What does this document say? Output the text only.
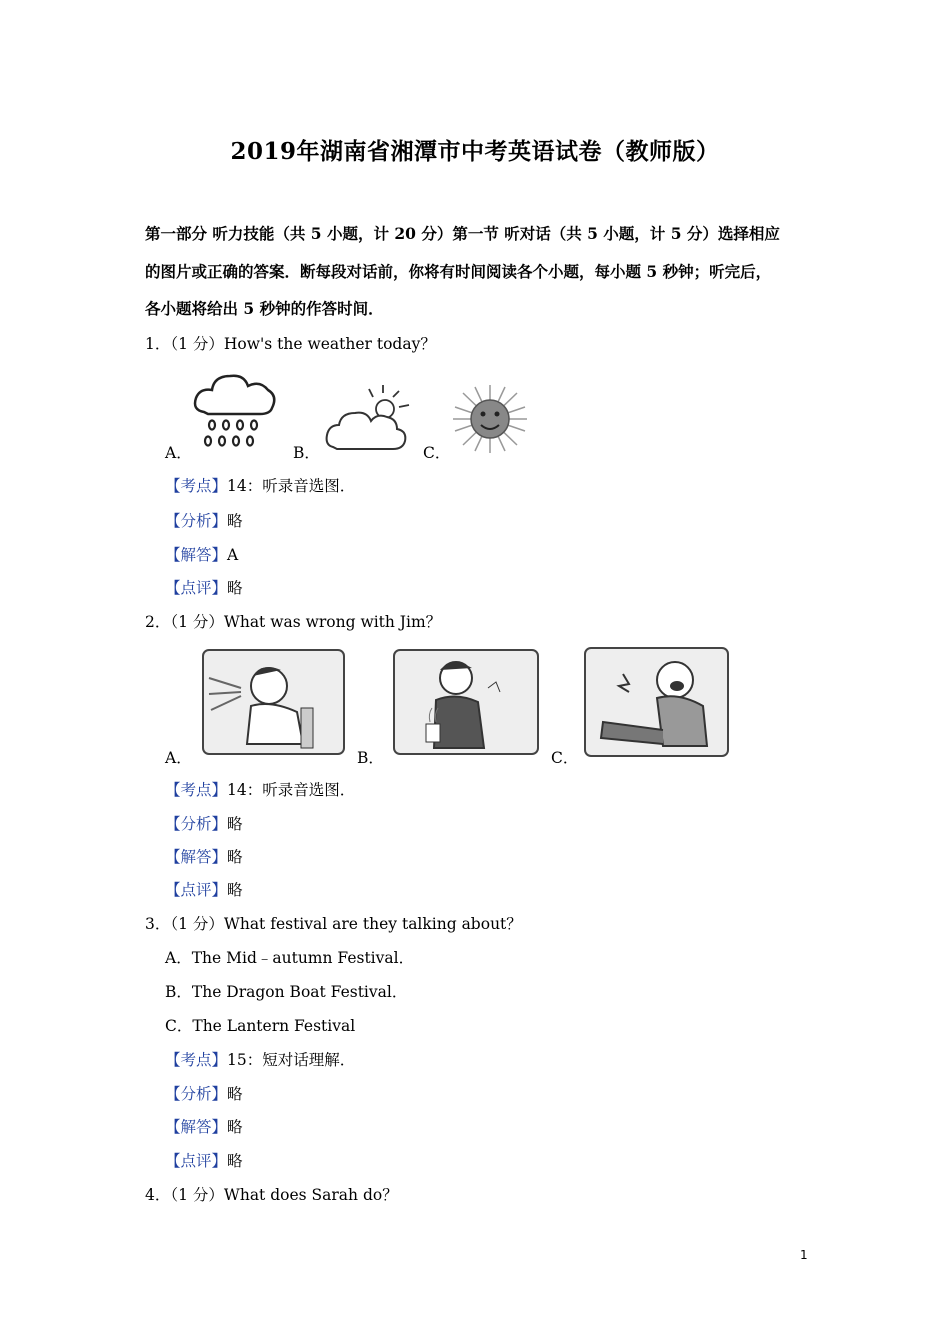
2019年湖南省湘潭市中考英语试卷（教师版）
第一部分 听力技能（共 5 小题，计 20 分）第一节 听对话（共 5 小题，计 5 分）选择相应
的图片或正确的答案．断每段对话前，你将有时间阅读各个小题，每小题 5 秒钟；听完后，
各小题将给出 5 秒钟的作答时间．
1．（1 分）How's the weather today？
A．	B．	C．
【考点】14：听录音选图．
【分析】略
【解答】A
【点评】略
2．（1 分）What was wrong with Jim？
A．	B．	C．
【考点】14：听录音选图．
【分析】略
【解答】略
【点评】略
3．（1 分）What festival are they talking about？
A．The Mid﹣autumn Festival．
B．The Dragon Boat Festival．
C．The Lantern Festival
【考点】15：短对话理解．
【分析】略
【解答】略
【点评】略
4．（1 分）What does Sarah do？
1
